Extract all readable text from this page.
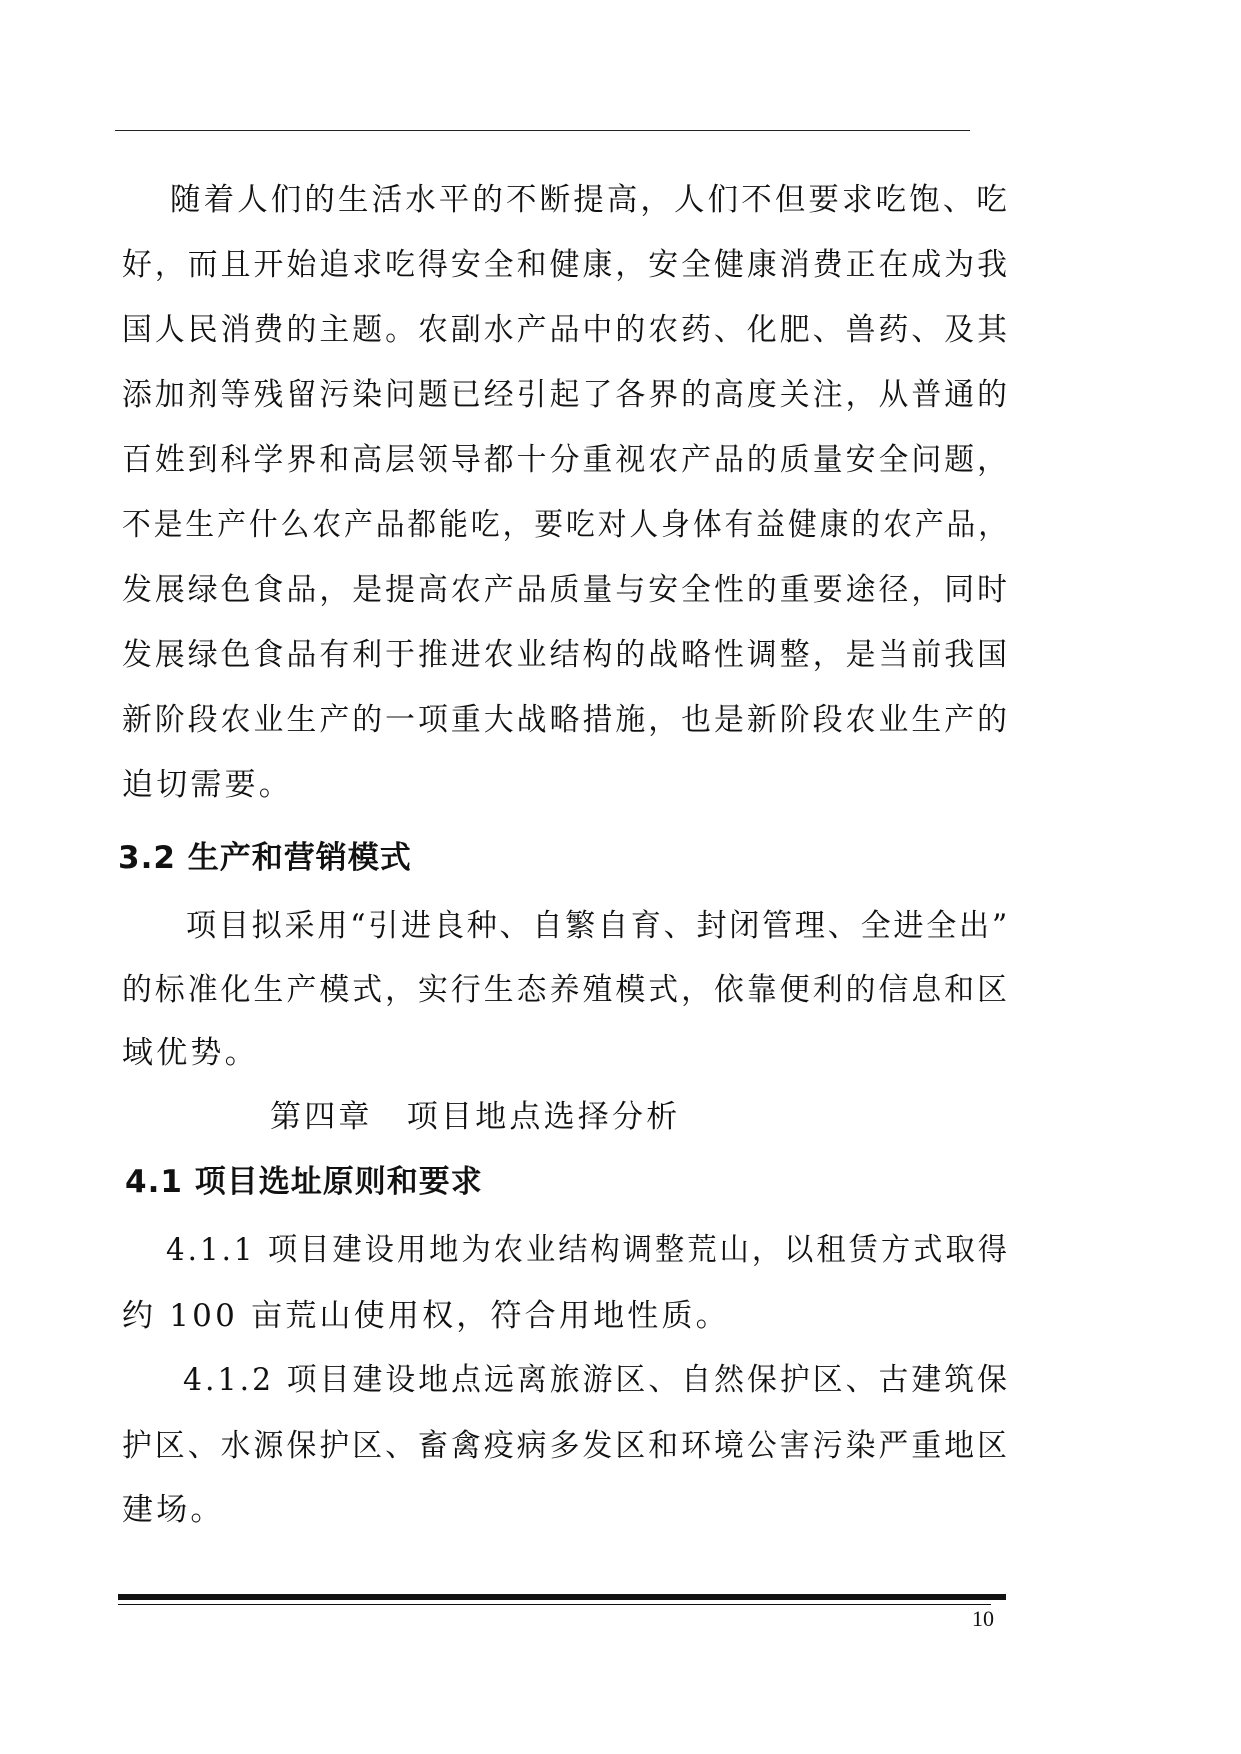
随着人们的生活水平的不断提高，人们不但要求吃饱、吃
好，而且开始追求吃得安全和健康，安全健康消费正在成为我
国人民消费的主题。农副水产品中的农药、化肥、兽药、及其
添加剂等残留污染问题已经引起了各界的高度关注，从普通的
百姓到科学界和高层领导都十分重视农产品的质量安全问题，
不是生产什么农产品都能吃，要吃对人身体有益健康的农产品，
发展绿色食品，是提高农产品质量与安全性的重要途径，同时
发展绿色食品有利于推进农业结构的战略性调整，是当前我国
新阶段农业生产的一项重大战略措施，也是新阶段农业生产的
迫切需要。
3.2 生产和营销模式
项目拟采用“引进良种、自繁自育、封闭管理、全进全出”
的标准化生产模式，实行生态养殖模式，依靠便利的信息和区
域优势。
第四章　项目地点选择分析
4.1 项目选址原则和要求
4.1.1 项目建设用地为农业结构调整荒山，以租赁方式取得
约 100 亩荒山使用权，符合用地性质。
4.1.2 项目建设地点远离旅游区、自然保护区、古建筑保
护区、水源保护区、畜禽疫病多发区和环境公害污染严重地区
建场。
10
